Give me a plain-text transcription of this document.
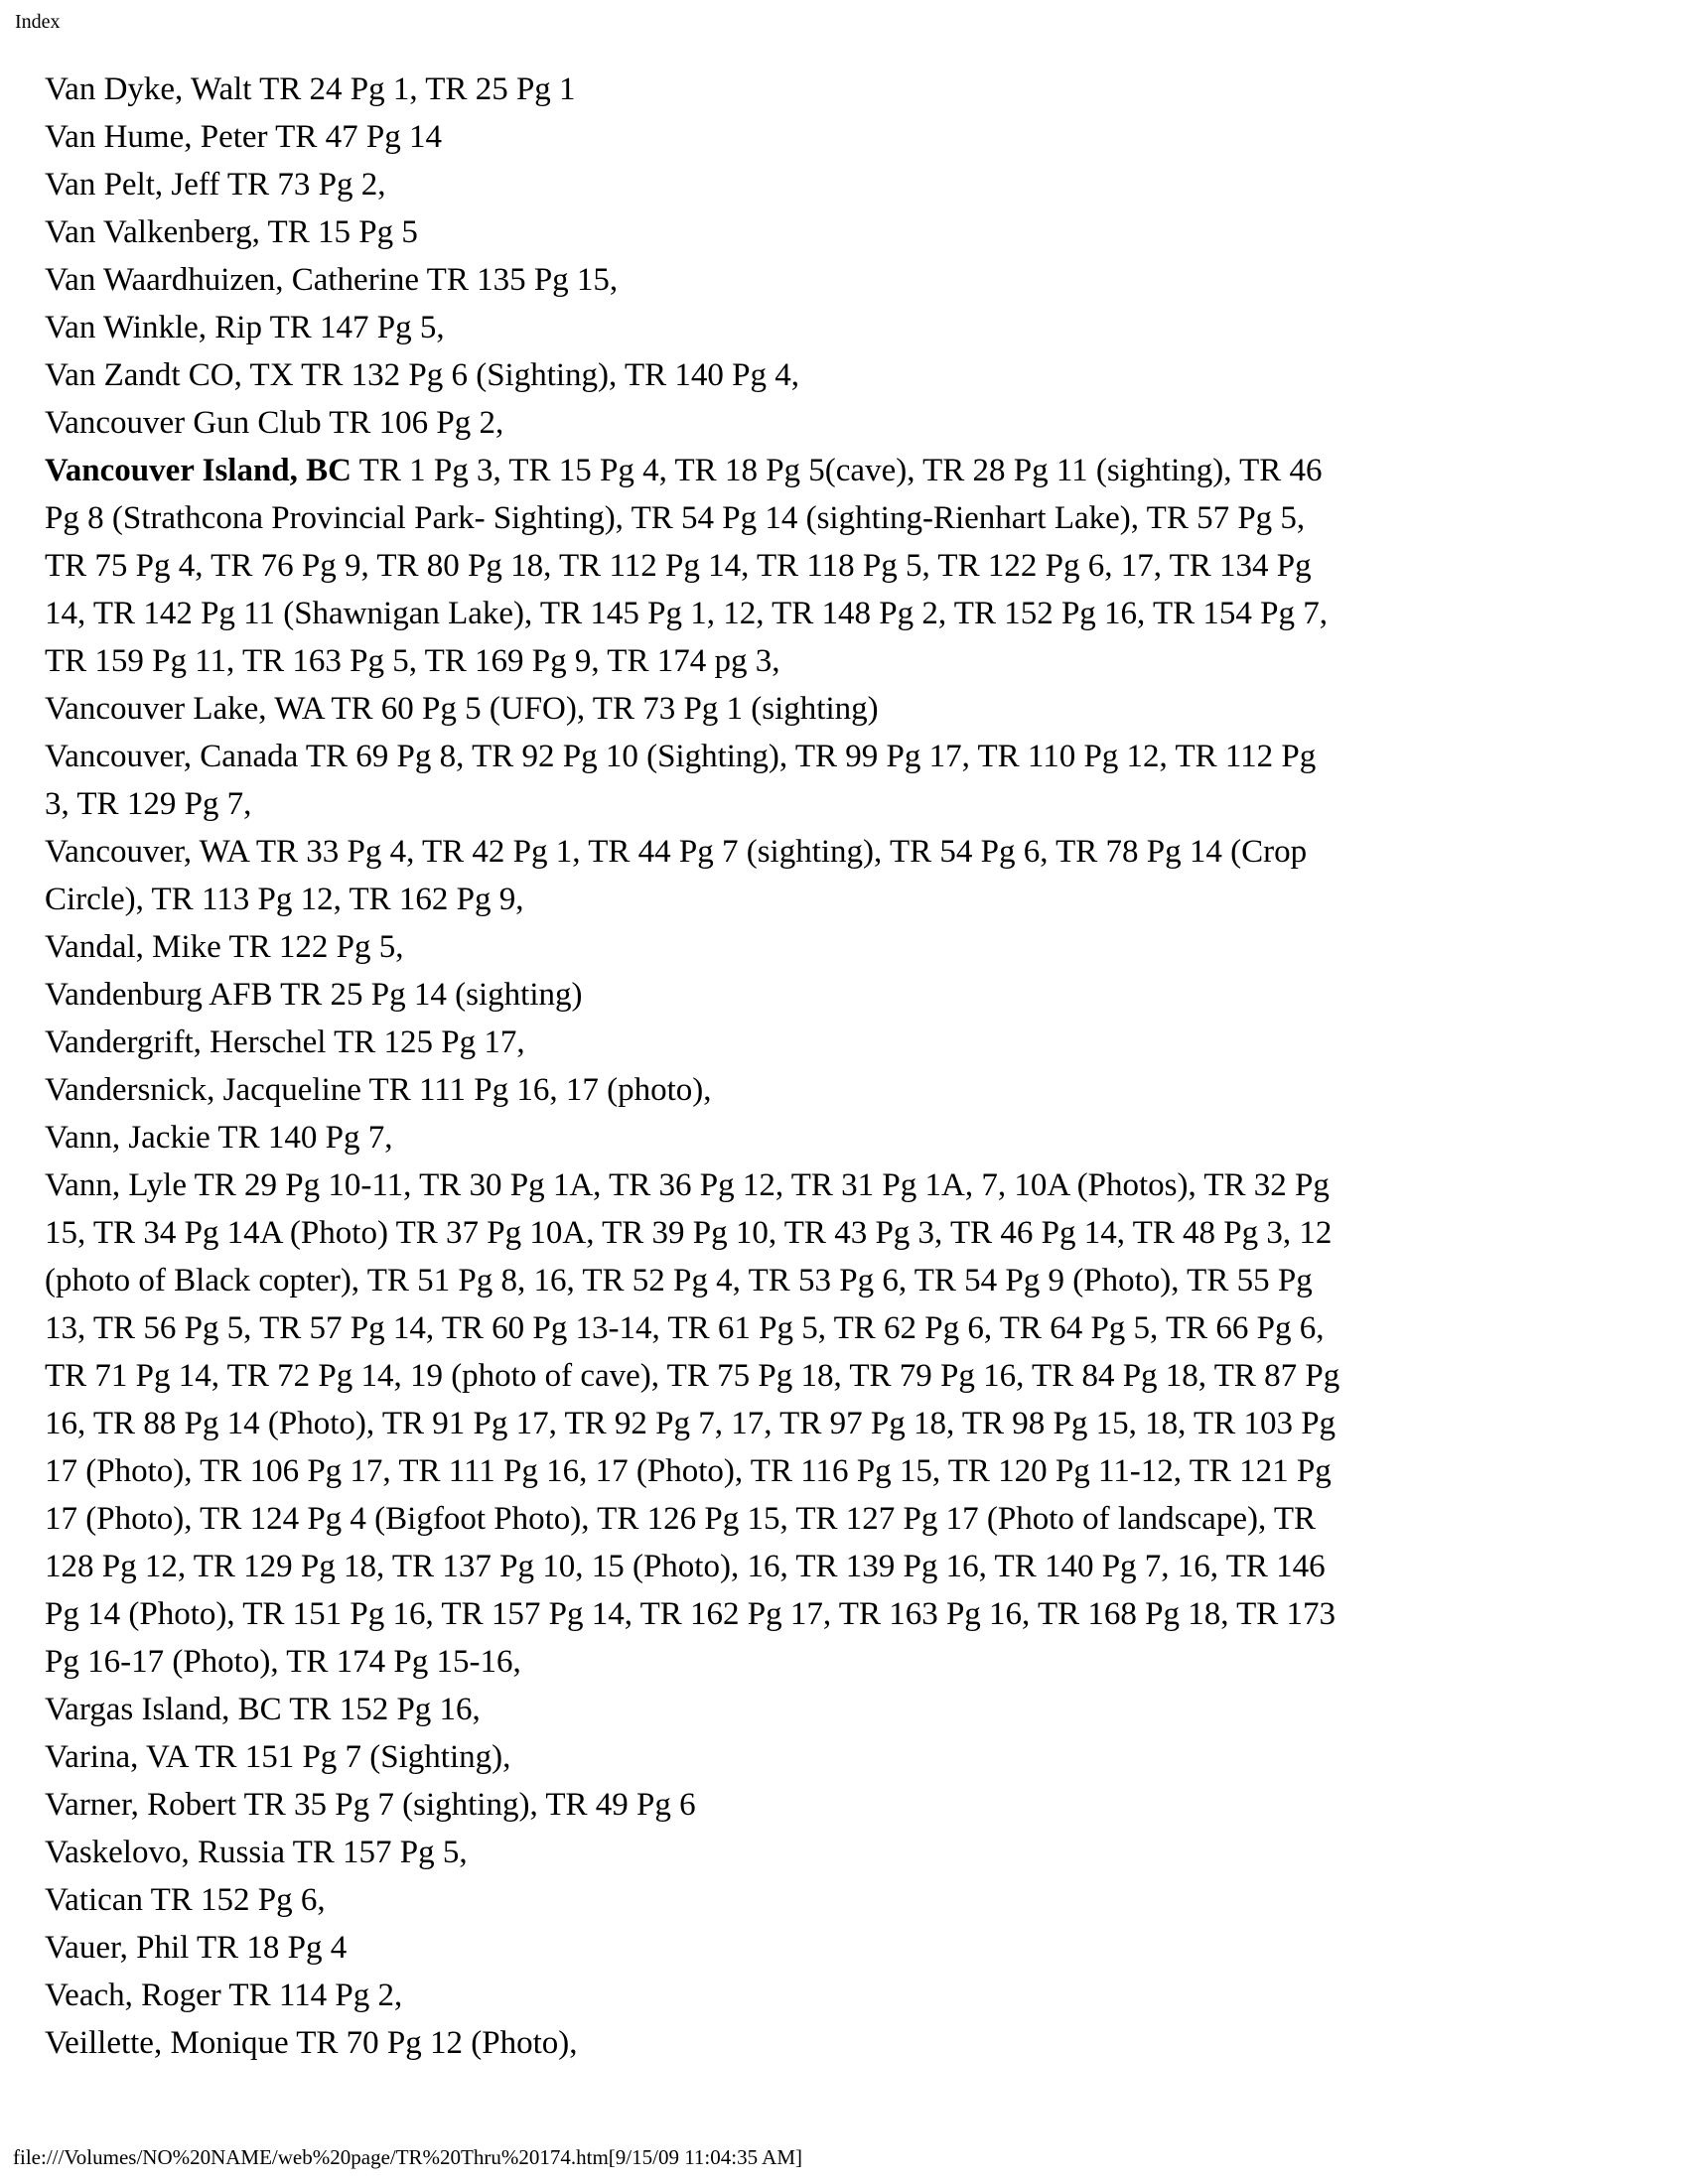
Index
Van Dyke, Walt TR 24 Pg 1, TR 25 Pg 1
Van Hume, Peter TR 47 Pg 14
Van Pelt, Jeff TR 73 Pg 2,
Van Valkenberg, TR 15 Pg 5
Van Waardhuizen, Catherine TR 135 Pg 15,
Van Winkle, Rip TR 147 Pg 5,
Van Zandt CO, TX TR 132 Pg 6 (Sighting), TR 140 Pg 4,
Vancouver Gun Club TR 106 Pg 2,
Vancouver Island, BC TR 1 Pg 3, TR 15 Pg 4, TR 18 Pg 5(cave), TR 28 Pg 11 (sighting), TR 46
Pg 8 (Strathcona Provincial Park- Sighting), TR 54 Pg 14 (sighting-Rienhart Lake), TR 57 Pg 5,
TR 75 Pg 4, TR 76 Pg 9, TR 80 Pg 18, TR 112 Pg 14, TR 118 Pg 5, TR 122 Pg 6, 17, TR 134 Pg
14, TR 142 Pg 11 (Shawnigan Lake), TR 145 Pg 1, 12, TR 148 Pg 2, TR 152 Pg 16, TR 154 Pg 7,
TR 159 Pg 11, TR 163 Pg 5, TR 169 Pg 9, TR 174 pg 3,
Vancouver Lake, WA TR 60 Pg 5 (UFO), TR 73 Pg 1 (sighting)
Vancouver, Canada TR 69 Pg 8, TR 92 Pg 10 (Sighting), TR 99 Pg 17, TR 110 Pg 12, TR 112 Pg
3, TR 129 Pg 7,
Vancouver, WA TR 33 Pg 4, TR 42 Pg 1, TR 44 Pg 7 (sighting), TR 54 Pg 6, TR 78 Pg 14 (Crop
Circle), TR 113 Pg 12, TR 162 Pg 9,
Vandal, Mike TR 122 Pg 5,
Vandenburg AFB TR 25 Pg 14 (sighting)
Vandergrift, Herschel TR 125 Pg 17,
Vandersnick, Jacqueline TR 111 Pg 16, 17 (photo),
Vann, Jackie TR 140 Pg 7,
Vann, Lyle TR 29 Pg 10-11, TR 30 Pg 1A, TR 36 Pg 12, TR 31 Pg 1A, 7, 10A (Photos), TR 32 Pg
15, TR 34 Pg 14A (Photo) TR 37 Pg 10A, TR 39 Pg 10, TR 43 Pg 3, TR 46 Pg 14, TR 48 Pg 3, 12
(photo of Black copter), TR 51 Pg 8, 16, TR 52 Pg 4, TR 53 Pg 6, TR 54 Pg 9 (Photo), TR 55 Pg
13, TR 56 Pg 5, TR 57 Pg 14, TR 60 Pg 13-14, TR 61 Pg 5, TR 62 Pg 6, TR 64 Pg 5, TR 66 Pg 6,
TR 71 Pg 14, TR 72 Pg 14, 19 (photo of cave), TR 75 Pg 18, TR 79 Pg 16, TR 84 Pg 18, TR 87 Pg
16, TR 88 Pg 14 (Photo), TR 91 Pg 17, TR 92 Pg 7, 17, TR 97 Pg 18, TR 98 Pg 15, 18, TR 103 Pg
17 (Photo), TR 106 Pg 17, TR 111 Pg 16, 17 (Photo), TR 116 Pg 15, TR 120 Pg 11-12, TR 121 Pg
17 (Photo), TR 124 Pg 4 (Bigfoot Photo), TR 126 Pg 15, TR 127 Pg 17 (Photo of landscape), TR
128 Pg 12, TR 129 Pg 18, TR 137 Pg 10, 15 (Photo), 16, TR 139 Pg 16, TR 140 Pg 7, 16, TR 146
Pg 14 (Photo), TR 151 Pg 16, TR 157 Pg 14, TR 162 Pg 17, TR 163 Pg 16, TR 168 Pg 18, TR 173
Pg 16-17 (Photo), TR 174 Pg 15-16,
Vargas Island, BC TR 152 Pg 16,
Varina, VA TR 151 Pg 7 (Sighting),
Varner, Robert TR 35 Pg 7 (sighting), TR 49 Pg 6
Vaskelovo, Russia TR 157 Pg 5,
Vatican TR 152 Pg 6,
Vauer, Phil TR 18 Pg 4
Veach, Roger TR 114 Pg 2,
Veillette, Monique TR 70 Pg 12 (Photo),
file:///Volumes/NO%20NAME/web%20page/TR%20Thru%20174.htm[9/15/09 11:04:35 AM]
